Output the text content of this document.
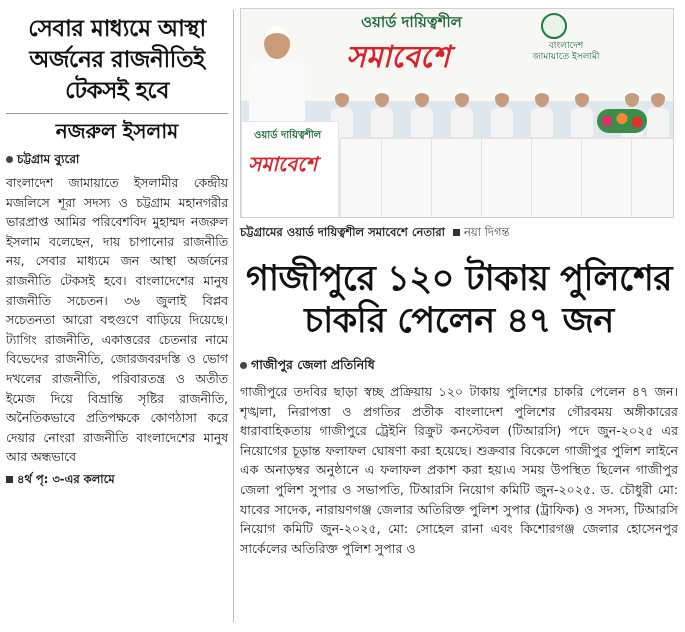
সেবার মাধ্যমে আস্থা অর্জনের রাজনীতিই টেকসই হবে
নজরুল ইসলাম
চট্টগ্রাম ব্যুরো
বাংলাদেশ জামায়াতে ইসলামীর কেন্দ্রীয় মজলিসে শূরা সদস্য ও চট্টগ্রাম মহানগরীর ভারপ্রাপ্ত আমির পরিবেশবিদ মুহাম্মদ নজরুল ইসলাম বলেছেন, দায় চাপানোর রাজনীতি নয়, সেবার মাধ্যমে জন আস্থা অর্জনের রাজনীতি টেকসই হবে। বাংলাদেশের মানুষ রাজনীতি সচেতন। ৩৬ জুলাই বিপ্লব সচেতনতা আরো বহুগুণে বাড়িয়ে দিয়েছে। ট্যাগিং রাজনীতি, একাত্তরের চেতনার নামে বিভেদের রাজনীতি, জোরজবরদস্তি ও ভোগ দখলের রাজনীতি, পরিবারতন্ত্র ও অতীত ইমেজ দিয়ে বিভ্রান্তি সৃষ্টির রাজনীতি, অনৈতিকভাবে প্রতিপক্ষকে কোণঠাসা করে দেয়ার নোংরা রাজনীতি বাংলাদেশের মানুষ আর অন্ধভাবে
৪র্থ পৃ: ৩-এর কলামে
ওয়ার্ড দায়িত্বশীল
সমাবেশে	বাংলাদেশ জামায়াতে ইসলামী
ওয়ার্ড দায়িত্বশীল
সমাবেশে
চট্টগ্রামের ওয়ার্ড দায়িত্বশীল সমাবেশে নেতারা নয়া দিগন্ত
গাজীপুরে ১২০ টাকায় পুলিশের চাকরি পেলেন ৪৭ জন
গাজীপুর জেলা প্রতিনিধি
গাজীপুরে তদবির ছাড়া স্বচ্ছ প্রক্রিয়ায় ১২০ টাকায় পুলিশের চাকরি পেলেন ৪৭ জন। শৃঙ্খলা, নিরাপত্তা ও প্রগতির প্রতীক বাংলাদেশ পুলিশের গৌরবময় অঙ্গীকারের ধারাবাহিকতায় গাজীপুরে ট্রেইনি রিক্রুট কনস্টেবল (টিআরসি) পদে জুন-২০২৫ এর নিয়োগের চূড়ান্ত ফলাফল ঘোষণা করা হয়েছে। শুক্রবার বিকেলে গাজীপুর পুলিশ লাইনে এক অনাড়ম্বর অনুষ্ঠানে এ ফলাফল প্রকাশ করা হয়।এ সময় উপস্থিত ছিলেন গাজীপুর জেলা পুলিশ সুপার ও সভাপতি, টিআরসি নিয়োগ কমিটি জুন-২০২৫. ড. চৌধুরী মো: যাবের সাদেক, নারায়ণগঞ্জ জেলার অতিরিক্ত পুলিশ সুপার (ট্রাফিক) ও সদস্য, টিআরসি নিয়োগ কমিটি জুন-২০২৫, মো: সোহেল রানা এবং কিশোরগঞ্জ জেলার হোসেনপুর সার্কেলের অতিরিক্ত পুলিশ সুপার ও
